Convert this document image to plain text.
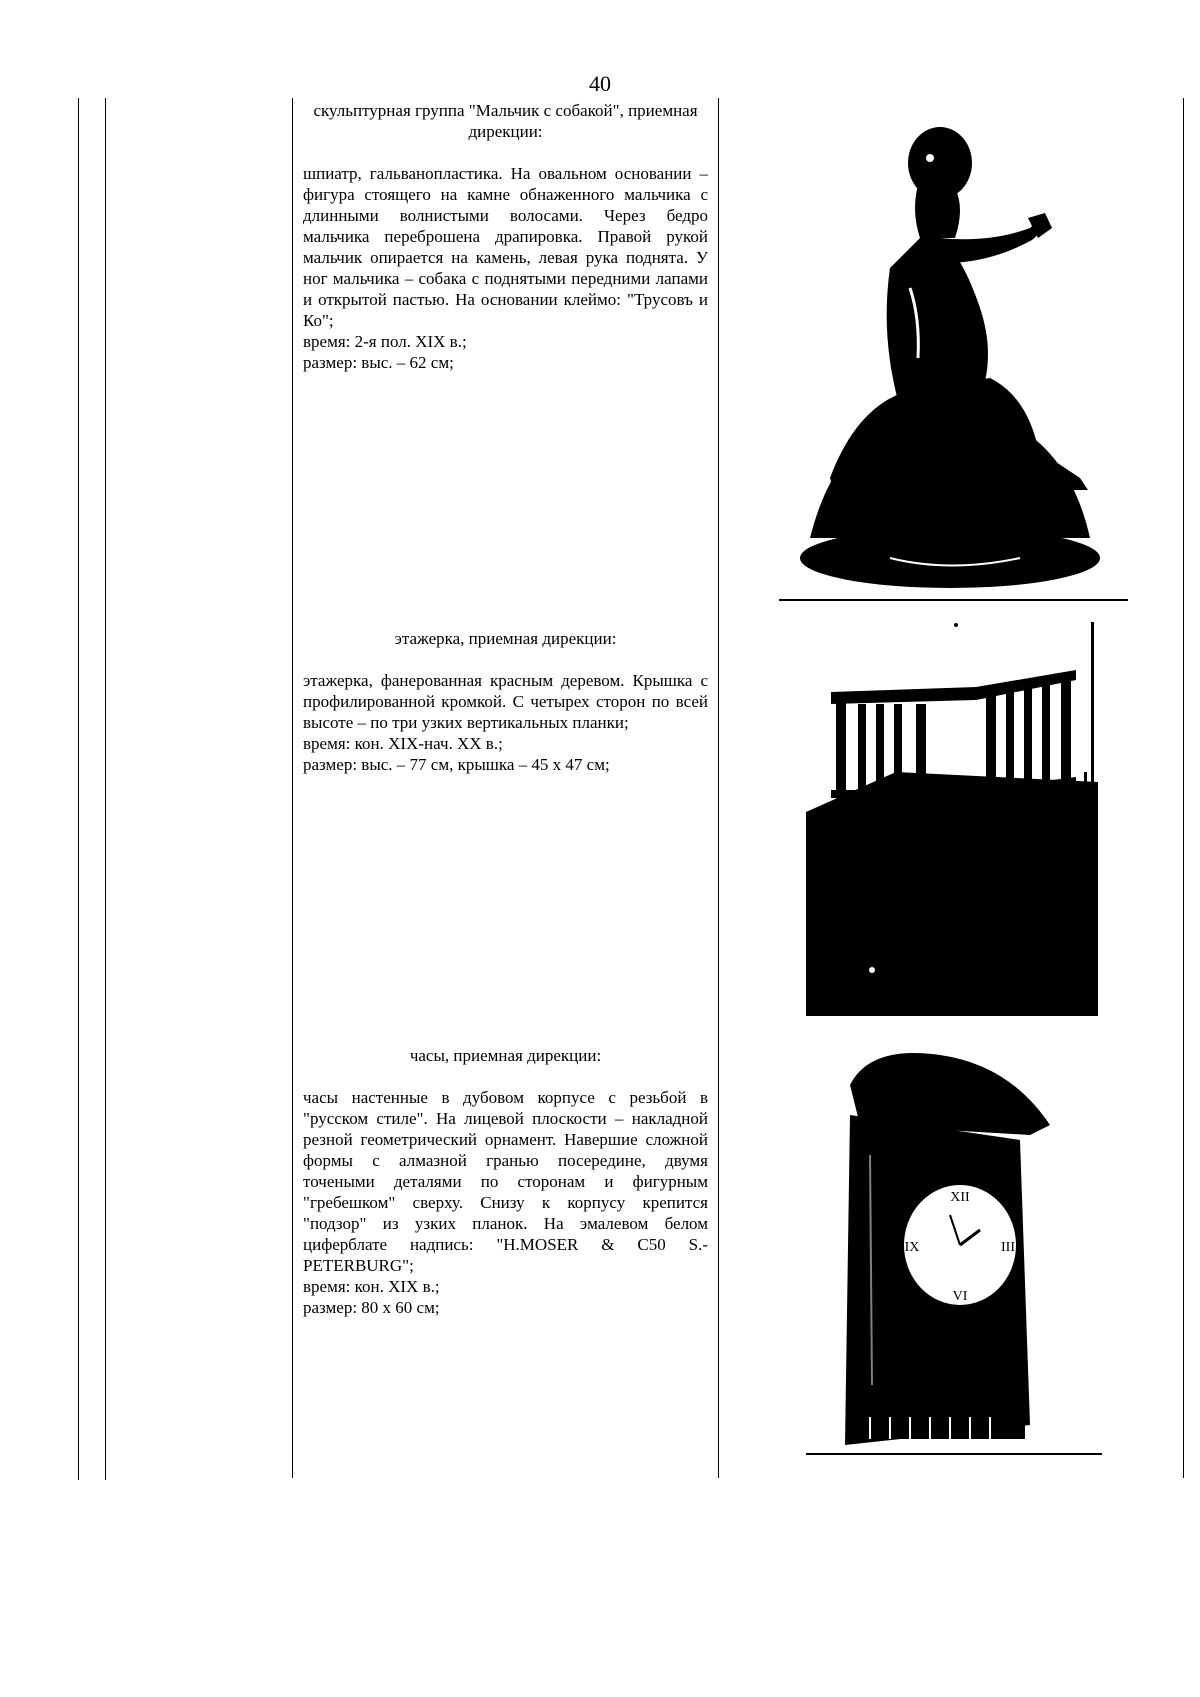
40

скульптурная группа "Мальчик с собакой", приемная дирекции:

шпиатр, гальванопластика. На овальном основании – фигура стоящего на камне обнаженного мальчика с длинными волнистыми волосами. Через бедро мальчика переброшена драпировка. Правой рукой мальчик опирается на камень, левая рука поднята. У ног мальчика – собака с поднятыми передними лапами и открытой пастью. На основании клеймо: "Трусовъ и Ко";

время: 2-я пол. XIX в.;

размер: выс. – 62 см;

этажерка, приемная дирекции:

этажерка, фанерованная красным деревом. Крышка с профилированной кромкой. С четырех сторон по всей высоте – по три узких вертикальных планки;

время: кон. XIX-нач. XX в.;

размер: выс. – 77 см, крышка – 45 х 47 см;

часы, приемная дирекции:

часы настенные в дубовом корпусе с резьбой в "русском стиле". На лицевой плоскости – накладной резной геометрический орнамент. Навершие сложной формы с алмазной гранью посередине, двумя точеными деталями по сторонам и фигурным "гребешком" сверху. Снизу к корпусу крепится "подзор" из узких планок. На эмалевом белом циферблате надпись: "H.MOSER & C50 S.-PETERBURG";

время: кон. XIX в.;

размер: 80 х 60 см;

XII
VI
IX	III
